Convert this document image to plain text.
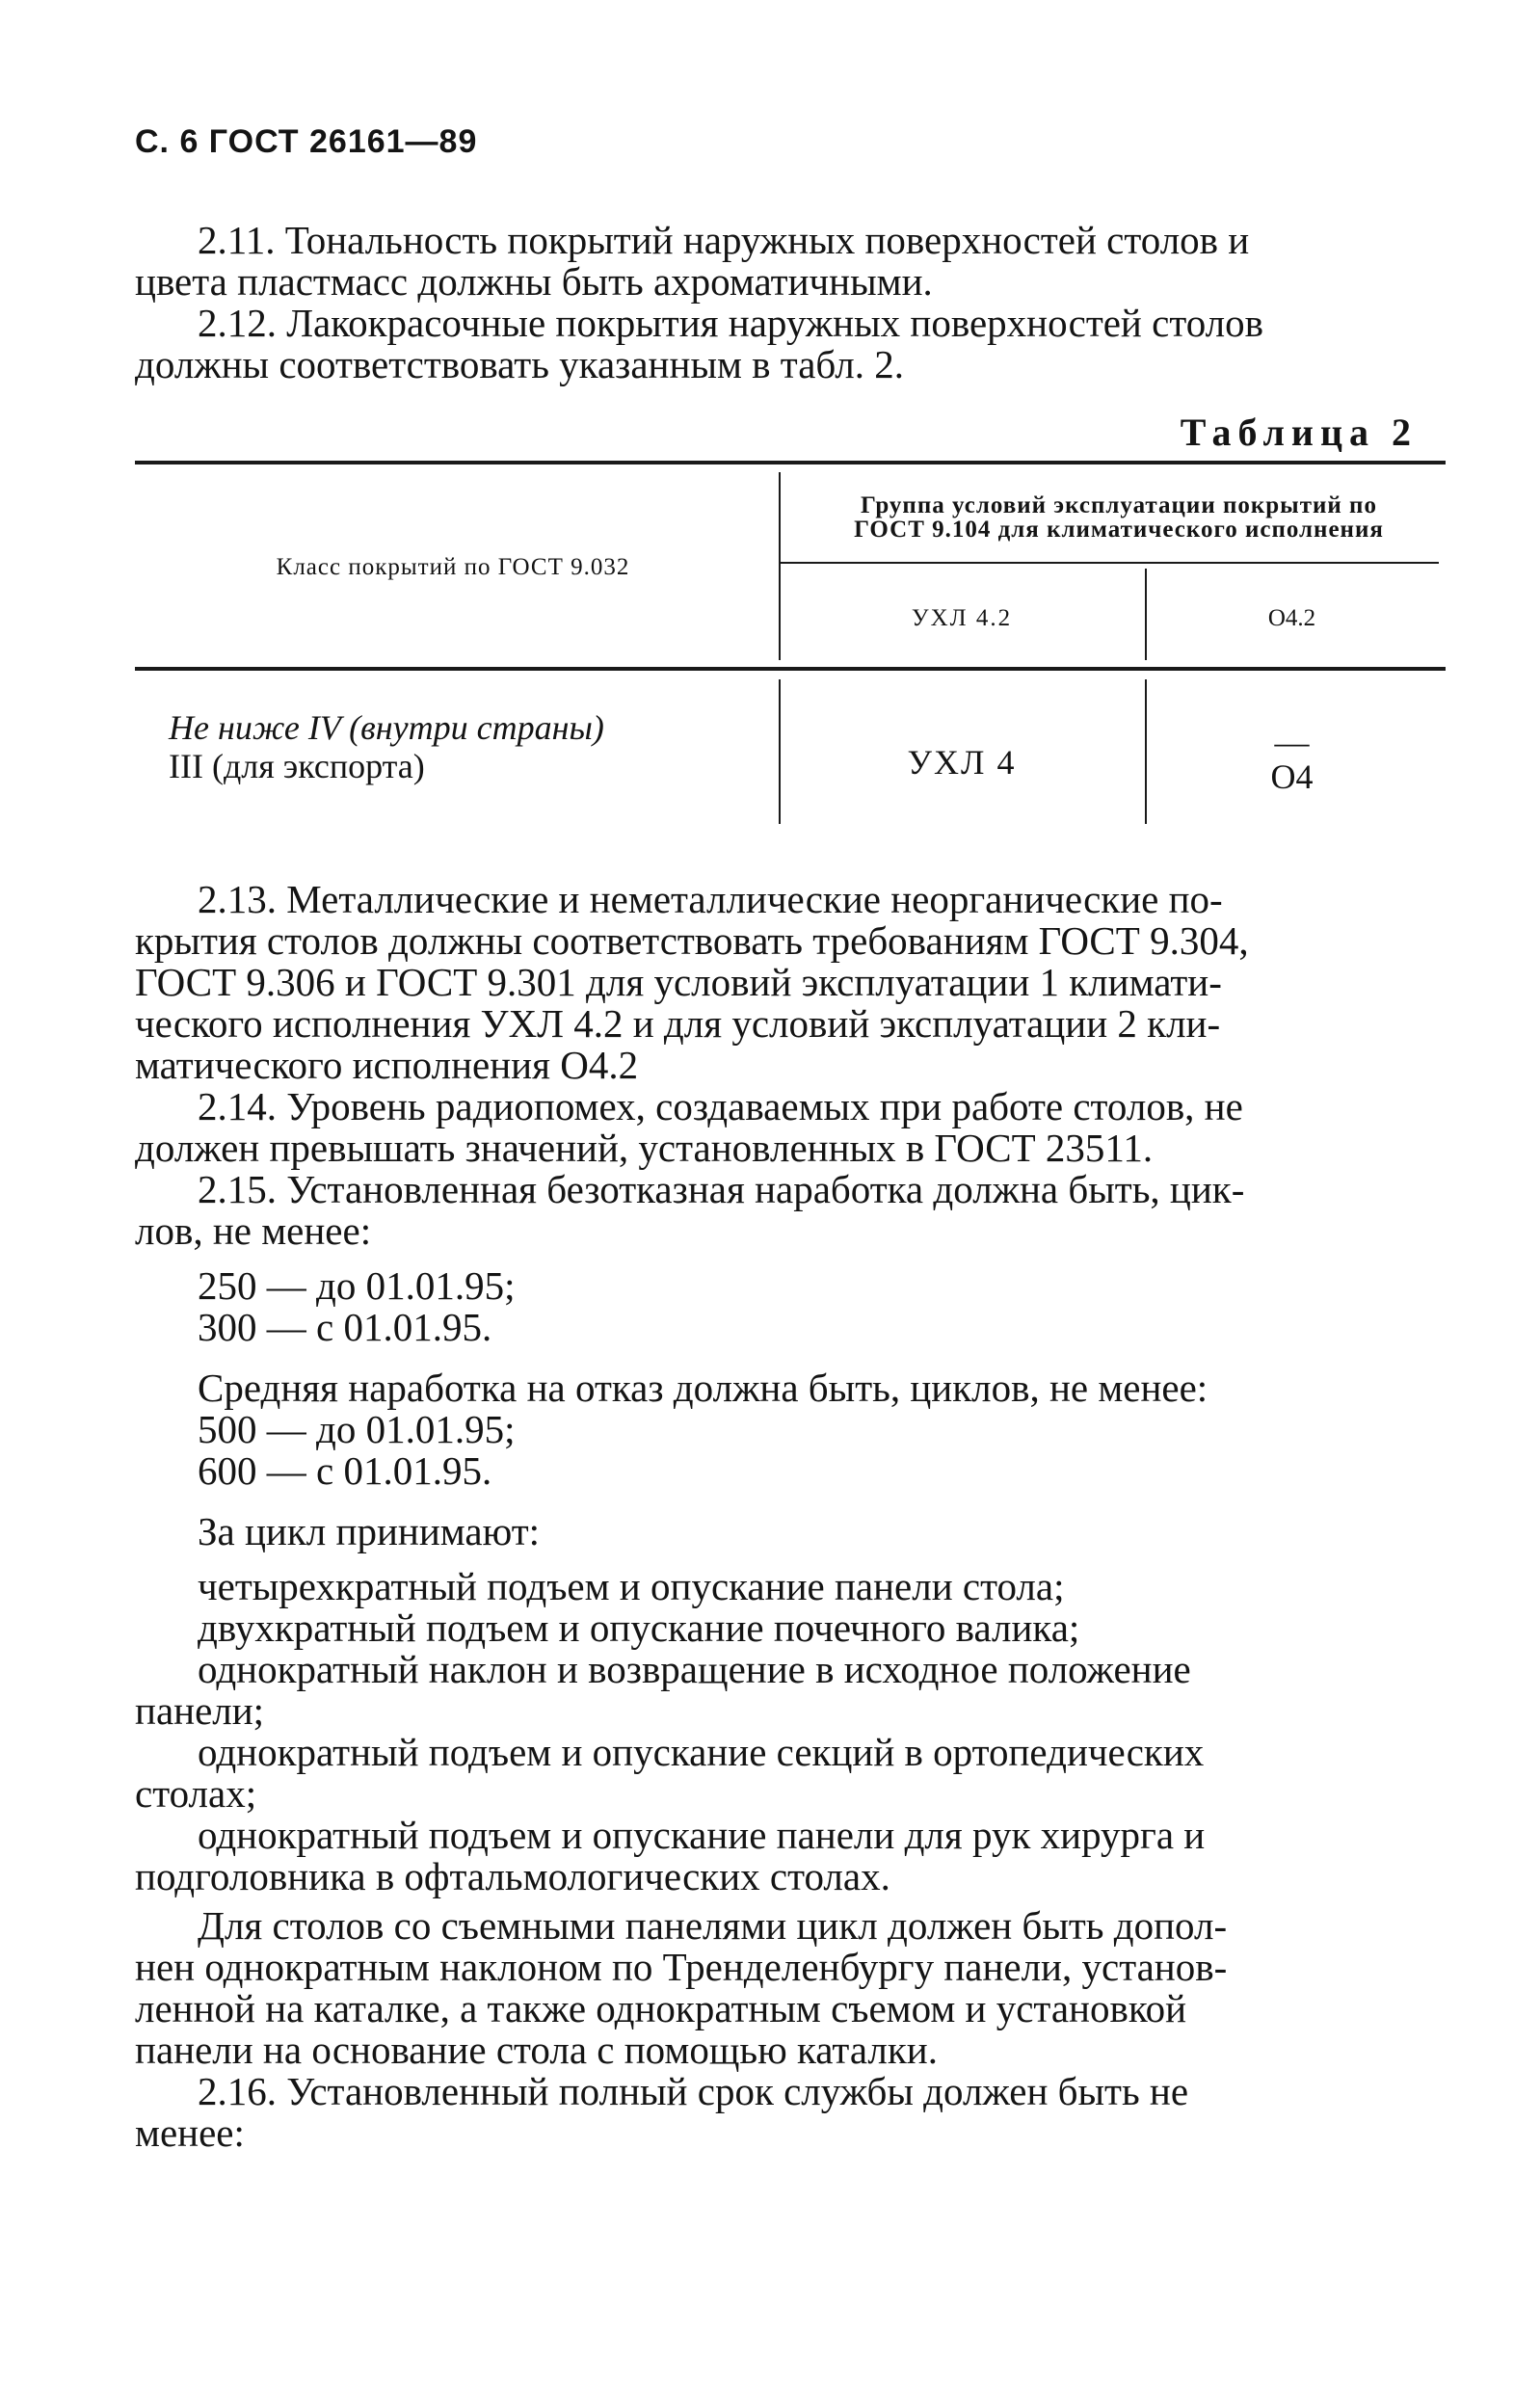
С. 6 ГОСТ 26161—89

2.11. Тональность покрытий наружных поверхностей столов и

цвета пластмасс должны быть ахроматичными.

2.12. Лакокрасочные покрытия наружных поверхностей столов

должны соответствовать указанным в табл. 2.

Таблица 2
Класс покрытий по ГОСТ 9.032
Группа условий эксплуатации покрытий по
ГОСТ 9.104 для климатического исполнения
УХЛ 4.2	О4.2
Не ниже IV (внутри страны)
III (для экспорта)	УХЛ 4
—
О4

2.13. Металлические и неметаллические неорганические по-

крытия столов должны соответствовать требованиям ГОСТ 9.304,

ГОСТ 9.306 и ГОСТ 9.301 для условий эксплуатации 1 климати-

ческого исполнения УХЛ 4.2 и для условий эксплуатации 2 кли-

матического исполнения О4.2

2.14. Уровень радиопомех, создаваемых при работе столов, не

должен превышать значений, установленных в ГОСТ 23511.

2.15. Установленная безотказная наработка должна быть, цик-

лов, не менее:

250 — до 01.01.95;

300 — с 01.01.95.

Средняя наработка на отказ должна быть, циклов, не менее:

500 — до 01.01.95;

600 — с 01.01.95.

За цикл принимают:

четырехкратный подъем и опускание панели стола;

двухкратный подъем и опускание почечного валика;

однократный наклон и возвращение в исходное положение

панели;

однократный подъем и опускание секций в ортопедических

столах;

однократный подъем и опускание панели для рук хирурга и

подголовника в офтальмологических столах.

Для столов со съемными панелями цикл должен быть допол-

нен однократным наклоном по Тренделенбургу панели, установ-

ленной на каталке, а также однократным съемом и установкой

панели на основание стола с помощью каталки.

2.16. Установленный полный срок службы должен быть не

менее:
